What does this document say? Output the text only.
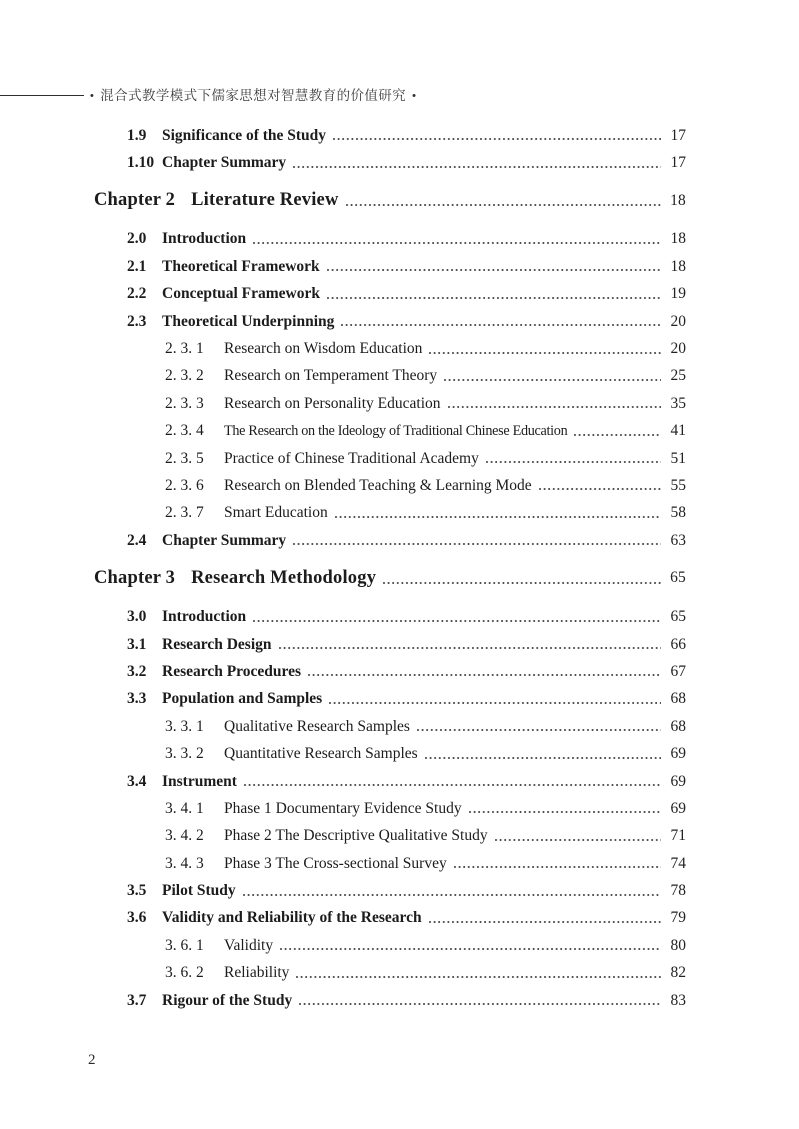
• 混合式教学模式下儒家思想对智慧教育的价值研究 •
1.9	Significance of the Study	17
1.10 Chapter Summary	17
Chapter 2 Literature Review	18
2.0	Introduction	18
2.1	Theoretical Framework	18
2.2	Conceptual Framework	19
2.3	Theoretical Underpinning	20
2. 3. 1	Research on Wisdom Education	20
2. 3. 2	Research on Temperament Theory	25
2. 3. 3	Research on Personality Education	35
2. 3. 4	The Research on the Ideology of Traditional Chinese Education	41
2. 3. 5	Practice of Chinese Traditional Academy	51
2. 3. 6	Research on Blended Teaching & Learning Mode	55
2. 3. 7	Smart Education	58
2.4	Chapter Summary	63
Chapter 3 Research Methodology	65
3.0	Introduction	65
3.1	Research Design	66
3.2	Research Procedures	67
3.3	Population and Samples	68
3. 3. 1	Qualitative Research Samples	68
3. 3. 2	Quantitative Research Samples	69
3.4	Instrument	69
3. 4. 1	Phase 1 Documentary Evidence Study	69
3. 4. 2	Phase 2 The Descriptive Qualitative Study	71
3. 4. 3	Phase 3 The Cross-sectional Survey	74
3.5	Pilot Study	78
3.6	Validity and Reliability of the Research	79
3. 6. 1	Validity	80
3. 6. 2	Reliability	82
3.7	Rigour of the Study	83
2
